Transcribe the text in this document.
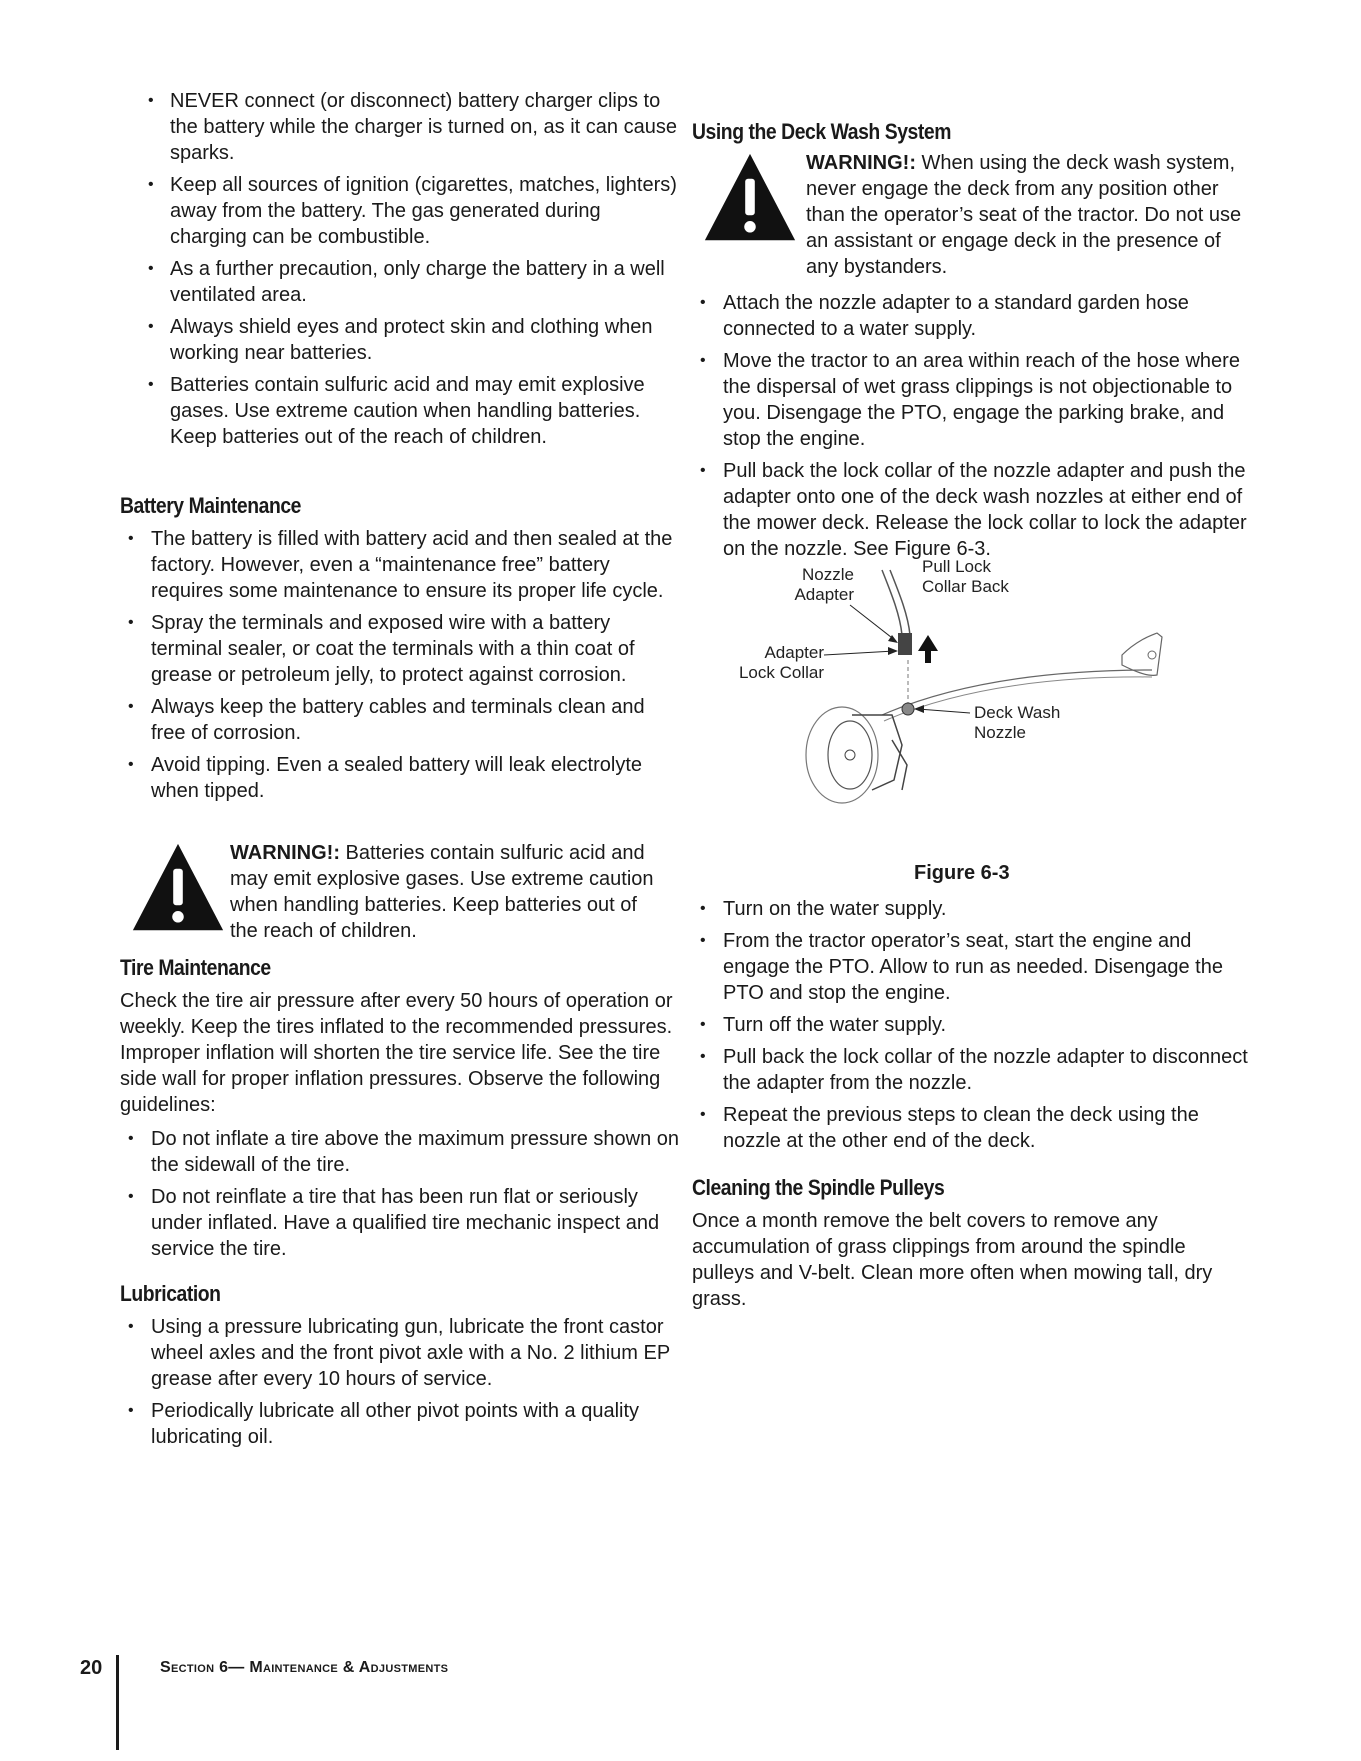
• NEVER connect (or disconnect) battery charger clips to the battery while the charger is turned on, as it can cause sparks.
• Keep all sources of ignition (cigarettes, matches, lighters) away from the battery. The gas generated during charging can be combustible.
• As a further precaution, only charge the battery in a well ventilated area.
• Always shield eyes and protect skin and clothing when working near batteries.
• Batteries contain sulfuric acid and may emit explosive gases. Use extreme caution when handling batteries. Keep batteries out of the reach of children.
Battery Maintenance
• The battery is filled with battery acid and then sealed at the factory. However, even a “maintenance free” battery requires some maintenance to ensure its proper life cycle.
• Spray the terminals and exposed wire with a battery terminal sealer, or coat the terminals with a thin coat of grease or petroleum jelly, to protect against corrosion.
• Always keep the battery cables and terminals clean and free of corrosion.
• Avoid tipping. Even a sealed battery will leak electrolyte when tipped.
WARNING!: Batteries contain sulfuric acid and may emit explosive gases. Use extreme caution when handling batteries. Keep batteries out of the reach of children.
Tire Maintenance

Check the tire air pressure after every 50 hours of operation or weekly. Keep the tires inflated to the recommended pressures. Improper inflation will shorten the tire service life. See the tire side wall for proper inflation pressures. Observe the following guidelines:

• Do not inflate a tire above the maximum pressure shown on the sidewall of the tire.
• Do not reinflate a tire that has been run flat or seriously under inflated. Have a qualified tire mechanic inspect and service the tire.
Lubrication
• Using a pressure lubricating gun, lubricate the front castor wheel axles and the front pivot axle with a No. 2 lithium EP grease after every 10 hours of service.
• Periodically lubricate all other pivot points with a quality lubricating oil.
Using the Deck Wash System
WARNING!: When using the deck wash system, never engage the deck from any position other than the operator’s seat of the tractor. Do not use an assistant or engage deck in the presence of any bystanders.
• Attach the nozzle adapter to a standard garden hose connected to a water supply.
• Move the tractor to an area within reach of the hose where the dispersal of wet grass clippings is not objectionable to you. Disengage the PTO, engage the parking brake, and stop the engine.
• Pull back the lock collar of the nozzle adapter and push the adapter onto one of the deck wash nozzles at either end of the mower deck. Release the lock collar to lock the adapter on the nozzle. See Figure 6-3.
Nozzle
Adapter
Pull Lock
Collar Back
Adapter
Lock Collar
Deck Wash
Nozzle
Figure 6-3
• Turn on the water supply.
• From the tractor operator’s seat, start the engine and engage the PTO. Allow to run as needed. Disengage the PTO and stop the engine.
• Turn off the water supply.
• Pull back the lock collar of the nozzle adapter to disconnect the adapter from the nozzle.
• Repeat the previous steps to clean the deck using the nozzle at the other end of the deck.
Cleaning the Spindle Pulleys

Once a month remove the belt covers to remove any accumulation of grass clippings from around the spindle pulleys and V-belt. Clean more often when mowing tall, dry grass.

20	Section 6— Maintenance & Adjustments
